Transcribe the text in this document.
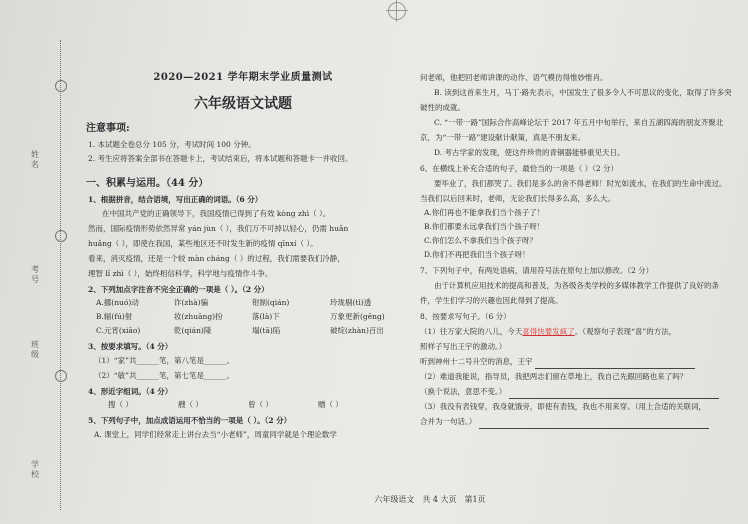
姓名
考号
班级
学校
2020—2021 学年期末学业质量测试
六年级语文试题
注意事项:
1. 本试题全卷总分 105 分，考试时间 100 分钟。
2. 考生应将答案全部书在答题卡上，考试结束后，将本试题和答题卡一并收回。
一、积累与运用。（44 分）
1、根据拼音，结合语境，写出正确的词语。（6 分）
在中国共产党的正确领导下，我国疫情已得到了有效 kòng zhì（ ）。
然而，国际疫情形势依然异常 yán jùn（ ），我们万不可掉以轻心，仍需 huǎn
huǎng（ ），即使在我国，某些地区还不时发生新的疫情 qīnxí（ ）。
看来，消灭疫情，还是一个较 màn cháng（ ）的过程，我们需要我们冷静，
理智 lǐ zhì（ ），始终相信科学，科学地与疫情作斗争。
2、下列加点字注音不完全正确的一项是（ ）。（2 分）
A.挪(nuó)动	诈(zhà)骗	钳制(qián)	玲珑剔(tì)透
B.辐(fú)射	妆(zhuāng)扮	落(là)下	万象更新(gēng)
C.元宵(xiāo)	乾(qián)隆	塌(tā)陷	破绽(zhàn)百出
3、按要求填写。（4 分）
（1）“家”共______笔，第八笔是______。
（2）“敏”共______笔，第七笔是______。
4、形近字组词。（4 分）
搜（ ）	艘（ ）	曾（ ）	赠（ ）
5、下列句子中，加点成语运用不恰当的一项是（ ）。（2 分）
A. 课堂上，同学们经常走上讲台去当“小老师”，周童同学就是个理论数学
问老师，他把回老师讲课的动作、语气模仿得惟妙惟肖。
B. 读到这首来生月，马丁·路先表示，中国发生了很多令人不可思议的变化，取得了许多突破性的成就。
C. “一带一路”国际合作高峰论坛于 2017 年五月中旬举行，来自五湖四海的朋友齐聚北京，为“一带一路”建设献计献策，真是不朋友来。
D. 考古学家的发现，使这件珍贵的青铜器能够重见天日。
6、在横线上补充合适的句子，最恰当的一项是（ ）（2 分）
要毕业了，我们都哭了。我们是多么的舍不得老师！时光如流水，在我们的生命中流过。当我们以后回来时，老师，无论我们长得多么高，多么大。
A.你们再也不能拿我们当个孩子了！
B.你们都要永远拿我们当个孩子呀！
C.你们怎么不拿我们当个孩子呀？
D.你们不再把我们当个孩子呀！
7、下列句子中，有两处语病，请用符号法在原句上加以修改。（2 分）
由于计算机应用技术的提高和普及，为各级各类学校的多媒体教学工作提供了良好的条件，学生们学习的兴趣也因此得到了提高。
8、按要求写句子。（6 分）
（1）往万家大院的八儿，今天喜得快要发疯了。（观察句子表现“喜”的方法，
照样子写出王宇的激动。）
听到神州十二号升空的消息，王宇
（2）难道我能说，指导员，我把两志们留在草地上，我自己先跟回路也来了吗？
（换个说法，意思不变。）
（3）我没有表钱穿，我身就饿旁，即使有表钱，我也不用来穿。（用上合适的关联词，
合并为一句话。）
六年级语文　共 4 大页　第1页
